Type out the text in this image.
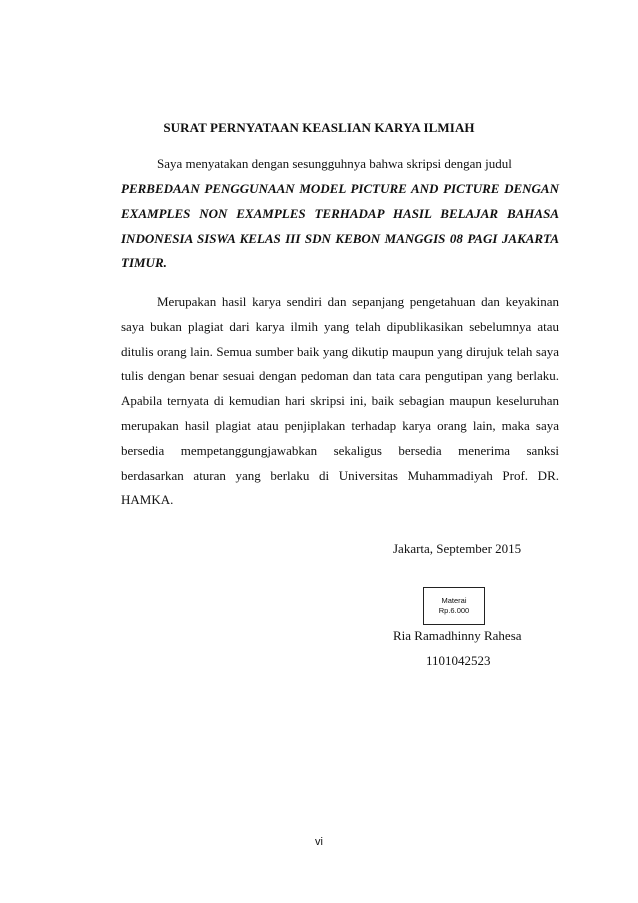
SURAT PERNYATAAN KEASLIAN KARYA ILMIAH
Saya menyatakan dengan sesungguhnya bahwa skripsi dengan judul
PERBEDAAN PENGGUNAAN MODEL PICTURE AND PICTURE DENGAN EXAMPLES NON EXAMPLES TERHADAP HASIL BELAJAR BAHASA INDONESIA SISWA KELAS III SDN KEBON MANGGIS 08 PAGI JAKARTA TIMUR.
Merupakan hasil karya sendiri dan sepanjang pengetahuan dan keyakinan saya bukan plagiat dari karya ilmih yang telah dipublikasikan sebelumnya atau ditulis orang lain. Semua sumber baik yang dikutip maupun yang dirujuk telah saya tulis dengan benar sesuai dengan pedoman dan tata cara pengutipan yang berlaku. Apabila ternyata di kemudian hari skripsi ini, baik sebagian maupun keseluruhan merupakan hasil plagiat atau penjiplakan terhadap karya orang lain, maka saya bersedia mempetanggungjawabkan sekaligus bersedia menerima sanksi berdasarkan aturan yang berlaku di Universitas Muhammadiyah Prof. DR. HAMKA.
Jakarta, September 2015
Materai
Rp.6.000
Ria Ramadhinny Rahesa
1101042523
vi
